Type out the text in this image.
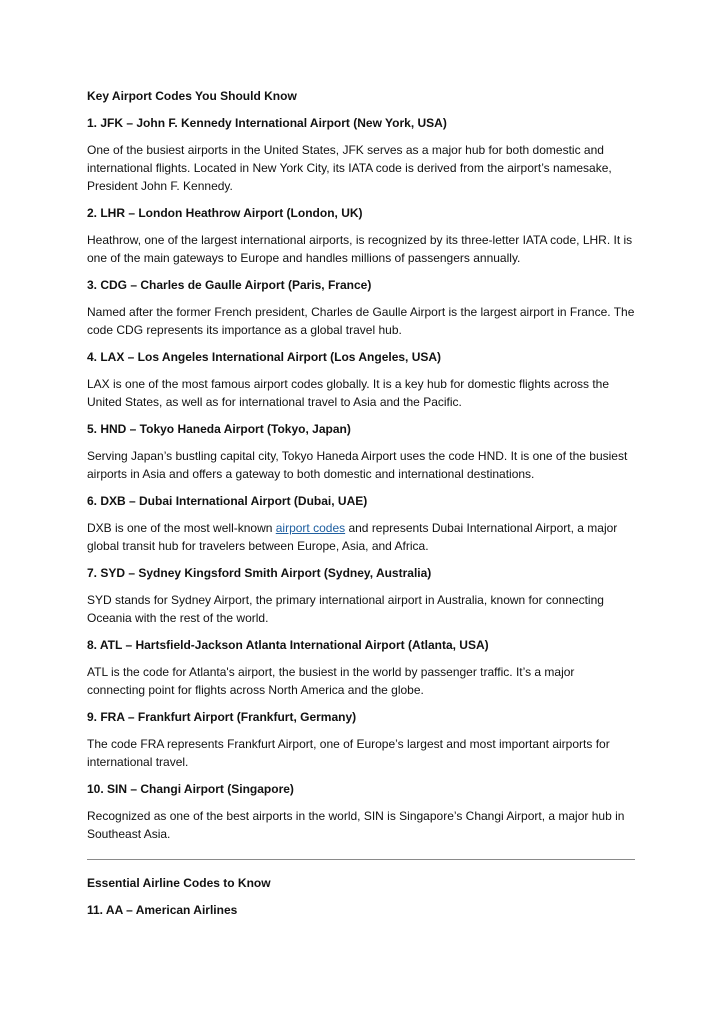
Key Airport Codes You Should Know
1. JFK – John F. Kennedy International Airport (New York, USA)

One of the busiest airports in the United States, JFK serves as a major hub for both domestic and international flights. Located in New York City, its IATA code is derived from the airport’s namesake, President John F. Kennedy.

2. LHR – London Heathrow Airport (London, UK)

Heathrow, one of the largest international airports, is recognized by its three-letter IATA code, LHR. It is one of the main gateways to Europe and handles millions of passengers annually.

3. CDG – Charles de Gaulle Airport (Paris, France)

Named after the former French president, Charles de Gaulle Airport is the largest airport in France. The code CDG represents its importance as a global travel hub.

4. LAX – Los Angeles International Airport (Los Angeles, USA)

LAX is one of the most famous airport codes globally. It is a key hub for domestic flights across the United States, as well as for international travel to Asia and the Pacific.

5. HND – Tokyo Haneda Airport (Tokyo, Japan)

Serving Japan’s bustling capital city, Tokyo Haneda Airport uses the code HND. It is one of the busiest airports in Asia and offers a gateway to both domestic and international destinations.

6. DXB – Dubai International Airport (Dubai, UAE)

DXB is one of the most well-known airport codes and represents Dubai International Airport, a major global transit hub for travelers between Europe, Asia, and Africa.

7. SYD – Sydney Kingsford Smith Airport (Sydney, Australia)

SYD stands for Sydney Airport, the primary international airport in Australia, known for connecting Oceania with the rest of the world.

8. ATL – Hartsfield-Jackson Atlanta International Airport (Atlanta, USA)

ATL is the code for Atlanta's airport, the busiest in the world by passenger traffic. It’s a major connecting point for flights across North America and the globe.

9. FRA – Frankfurt Airport (Frankfurt, Germany)

The code FRA represents Frankfurt Airport, one of Europe’s largest and most important airports for international travel.

10. SIN – Changi Airport (Singapore)

Recognized as one of the best airports in the world, SIN is Singapore’s Changi Airport, a major hub in Southeast Asia.

Essential Airline Codes to Know
11. AA – American Airlines
